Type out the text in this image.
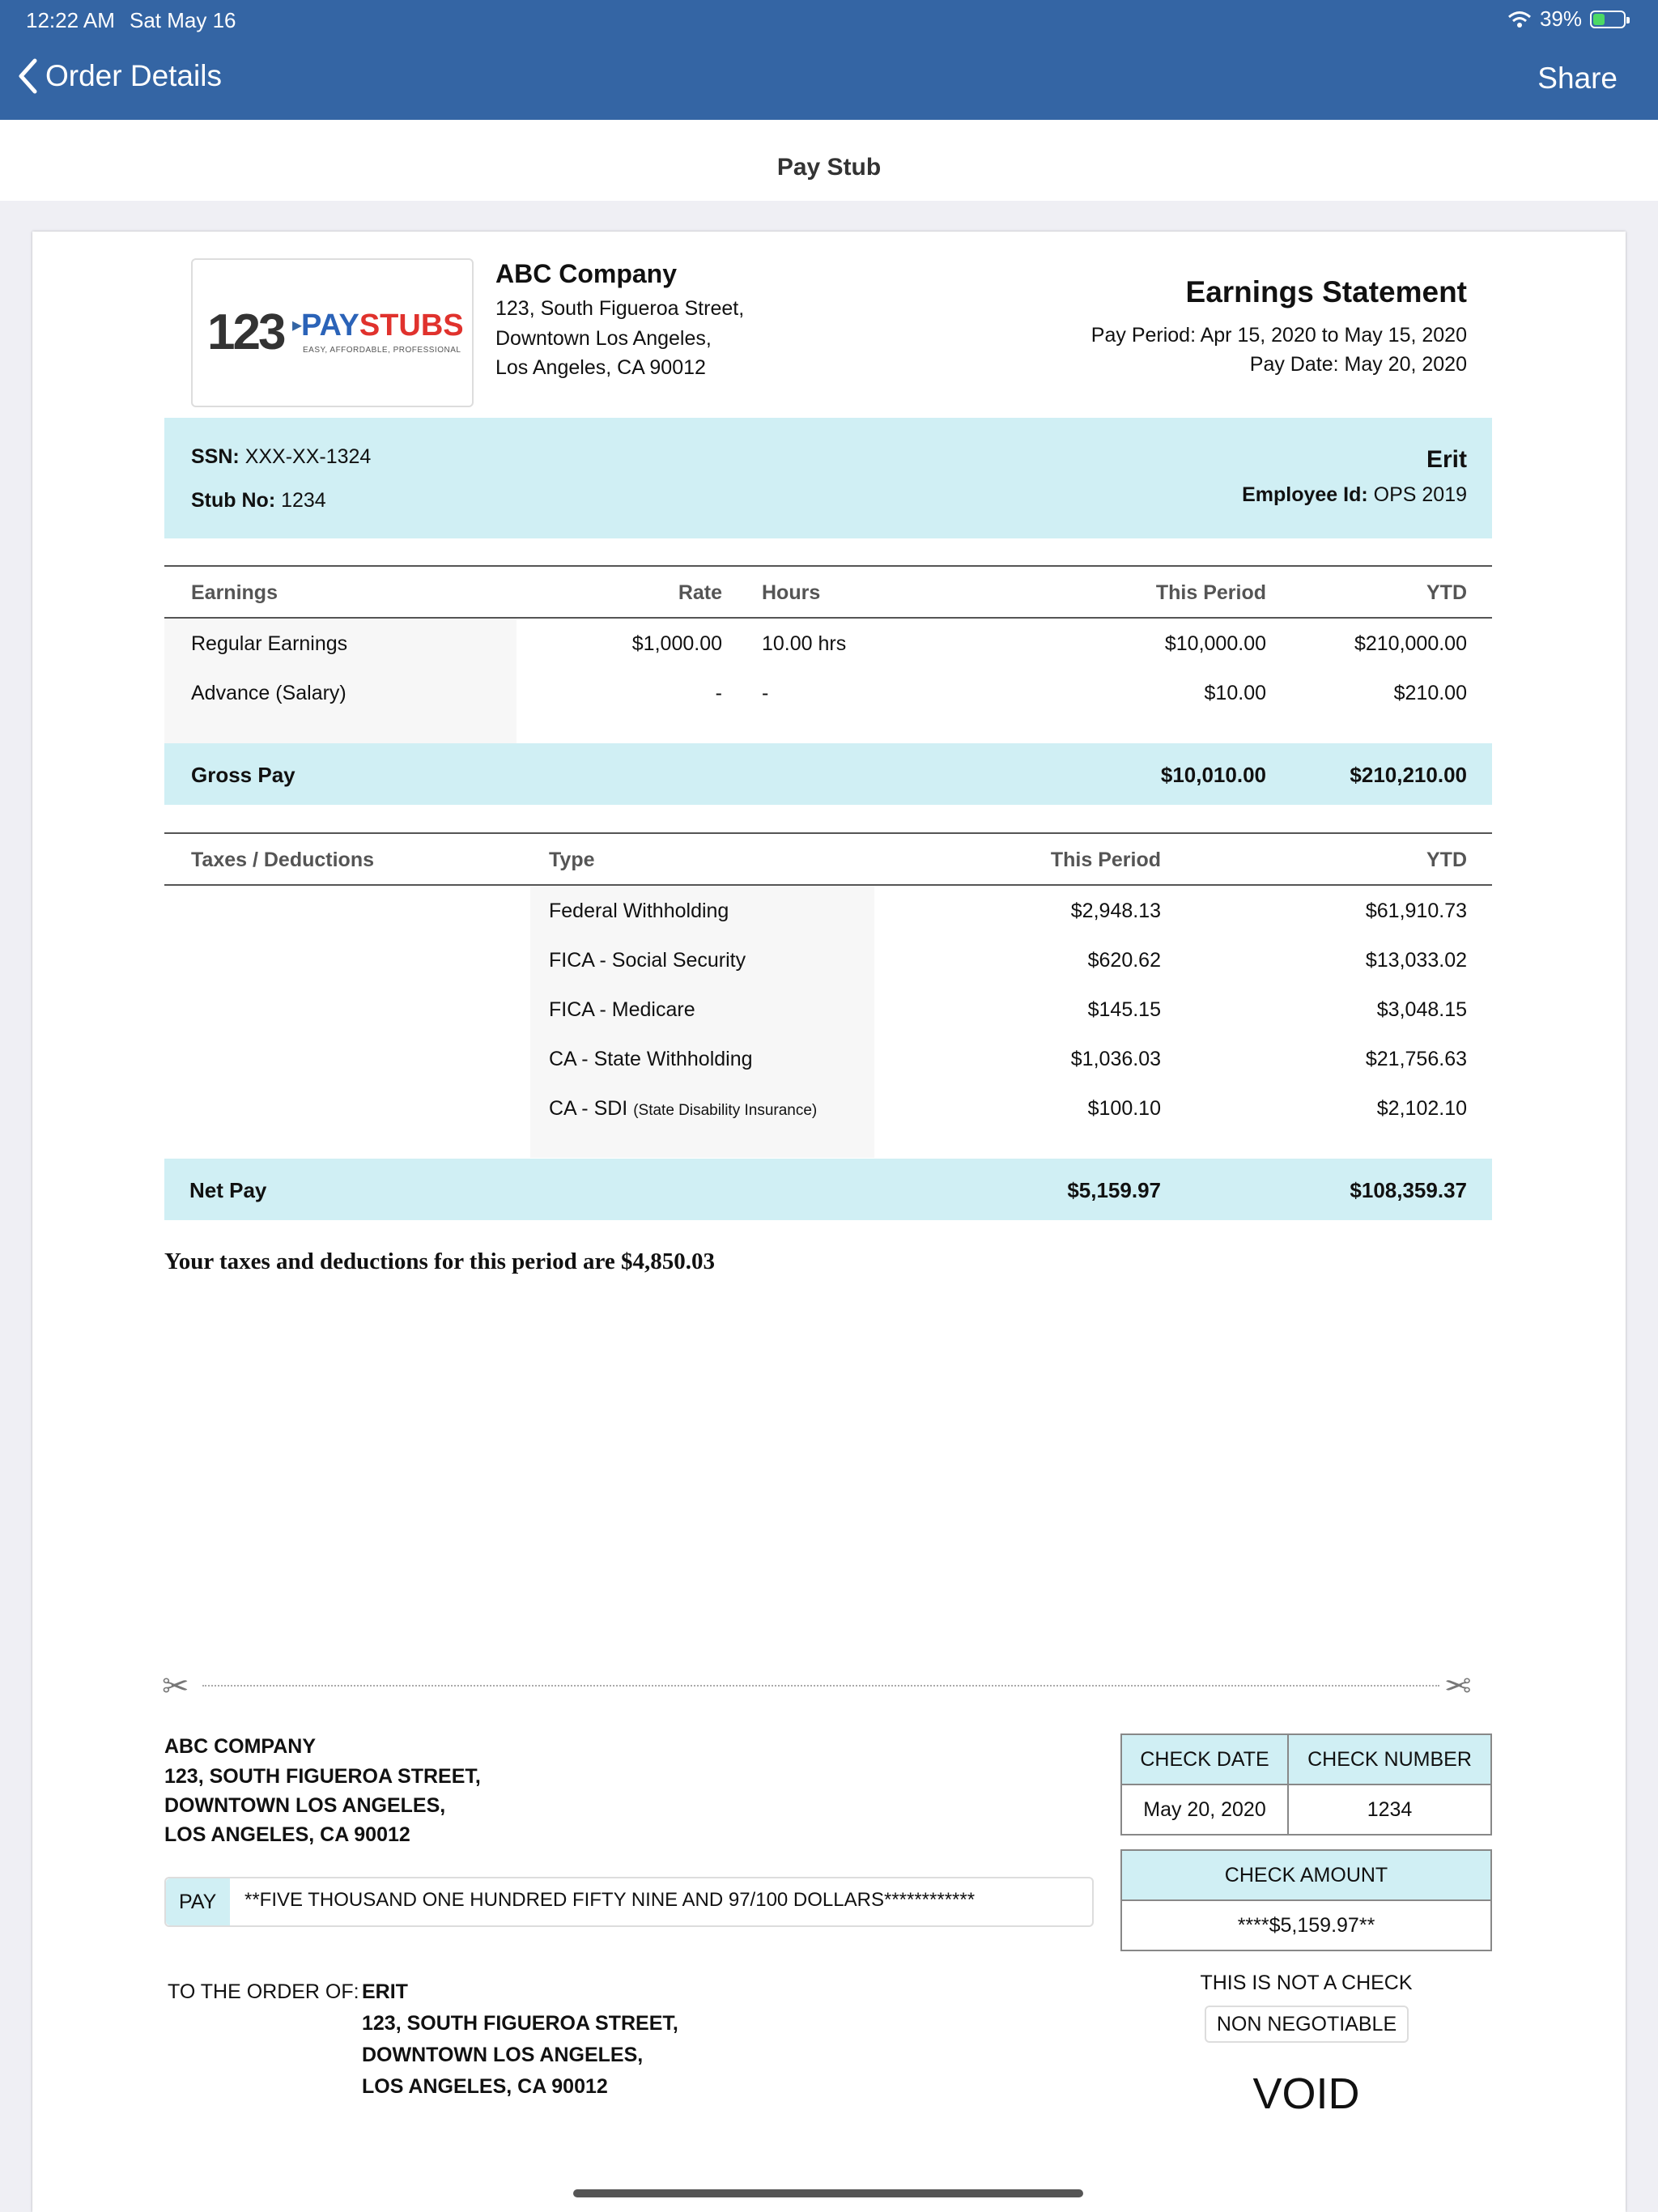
12:22 AM Sat May 16	39%
Order Details	Share
Pay Stub
123 ▸
PAYSTUBS
EASY, AFFORDABLE, PROFESSIONAL
ABC Company
123, South Figueroa Street,
Downtown Los Angeles,
Los Angeles, CA 90012
Earnings Statement
Pay Period: Apr 15, 2020 to May 15, 2020
Pay Date: May 20, 2020
SSN: XXX-XX-1324
Stub No: 1234
Erit
Employee Id: OPS 2019
Earnings	Rate Hours	This Period	YTD
Regular Earnings	$1,000.00 10.00 hrs	$10,000.00	$210,000.00
Advance (Salary)	- -	$10.00	$210.00
Gross Pay	$10,010.00	$210,210.00
Taxes / Deductions	Type	This Period	YTD
Federal Withholding	$2,948.13	$61,910.73
FICA - Social Security	$620.62	$13,033.02
FICA - Medicare	$145.15	$3,048.15
CA - State Withholding	$1,036.03	$21,756.63
CA - SDI (State Disability Insurance)	$100.10	$2,102.10
Net Pay	$5,159.97	$108,359.37
Your taxes and deductions for this period are $4,850.03
✂	✂
ABC COMPANY
123, SOUTH FIGUEROA STREET,
DOWNTOWN LOS ANGELES,
LOS ANGELES, CA 90012
CHECK DATE	CHECK NUMBER
May 20, 2020	1234
CHECK AMOUNT
****$5,159.97**
PAY **FIVE THOUSAND ONE HUNDRED FIFTY NINE AND 97/100 DOLLARS************
TO THE ORDER OF: ERIT
123, SOUTH FIGUEROA STREET,
DOWNTOWN LOS ANGELES,
LOS ANGELES, CA 90012
THIS IS NOT A CHECK
NON NEGOTIABLE
VOID
